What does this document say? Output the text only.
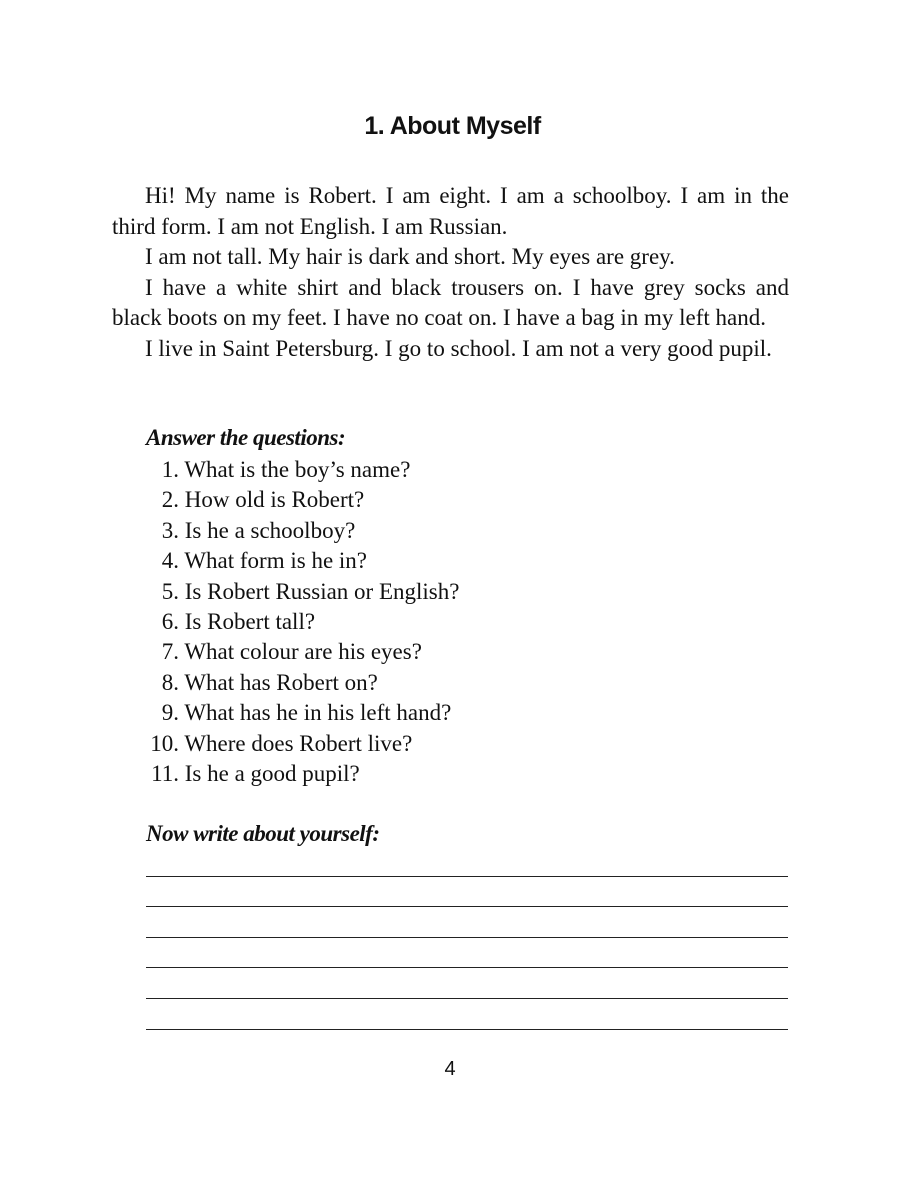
1. About Myself

Hi! My name is Robert. I am eight. I am a schoolboy. I am in the third form. I am not English. I am Russian.

I am not tall. My hair is dark and short. My eyes are grey.

I have a white shirt and black trousers on. I have grey socks and black boots on my feet. I have no coat on. I have a bag in my left hand.

I live in Saint Petersburg. I go to school. I am not a very good pupil.

Answer the questions:
1. What is the boy’s name?
2. How old is Robert?
3. Is he a schoolboy?
4. What form is he in?
5. Is Robert Russian or English?
6. Is Robert tall?
7. What colour are his eyes?
8. What has Robert on?
9. What has he in his left hand?
10. Where does Robert live?
11. Is he a good pupil?
Now write about yourself:
4
